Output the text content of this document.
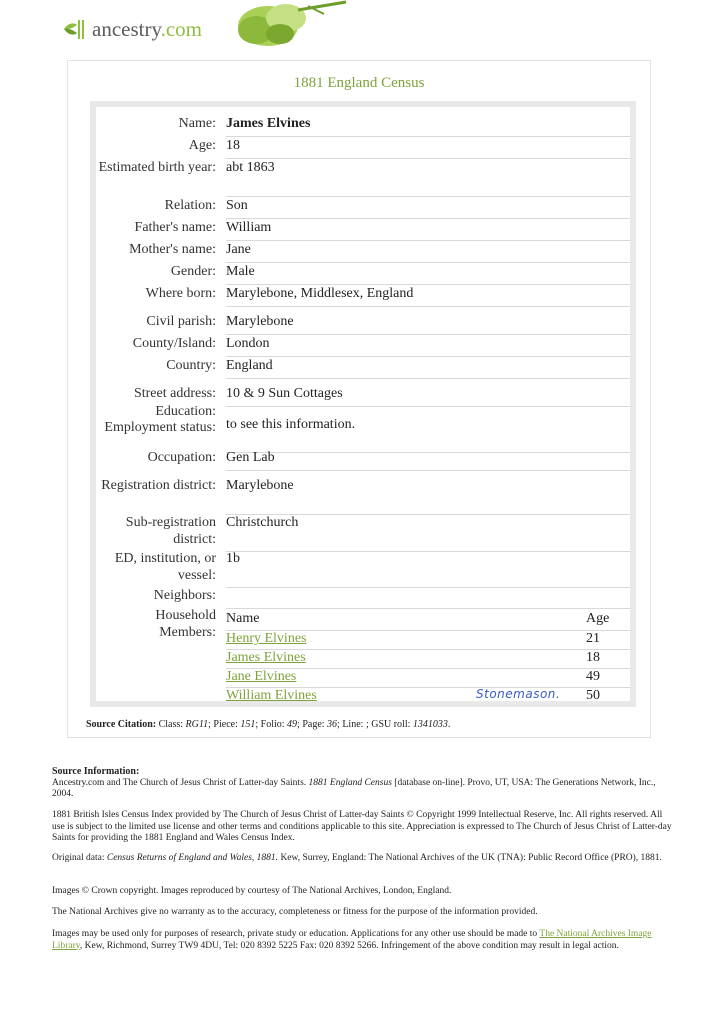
ancestry.com
1881 England Census
Name: James Elvines
Age: 18
Estimated birth year: abt 1863
Relation: Son
Father's name: William
Mother's name: Jane
Gender: Male
Where born: Marylebone, Middlesex, England
Civil parish: Marylebone
County/Island: London
Country: England
Street address: 10 & 9 Sun Cottages
Education:
Employment status: to see this information.
Occupation: Gen Lab
Registration district: Marylebone
Sub-registration district:
Christchurch
ED, institution, or vessel:
1b
Neighbors:
Household Members:
Name	Age
Henry Elvines	21
James Elvines	18
Jane Elvines	49
William Elvines	Stonemason. 50
Source Citation: Class: RG11; Piece: 151; Folio: 49; Page: 36; Line: ; GSU roll: 1341033.
Source Information:
Ancestry.com and The Church of Jesus Christ of Latter-day Saints. 1881 England Census [database on-line]. Provo, UT, USA: The Generations Network, Inc., 2004.
1881 British Isles Census Index provided by The Church of Jesus Christ of Latter-day Saints © Copyright 1999 Intellectual Reserve, Inc. All rights reserved. All use is subject to the limited use license and other terms and conditions applicable to this site. Appreciation is expressed to The Church of Jesus Christ of Latter-day Saints for providing the 1881 England and Wales Census Index.
Original data: Census Returns of England and Wales, 1881. Kew, Surrey, England: The National Archives of the UK (TNA): Public Record Office (PRO), 1881.
Images © Crown copyright. Images reproduced by courtesy of The National Archives, London, England.
The National Archives give no warranty as to the accuracy, completeness or fitness for the purpose of the information provided.
Images may be used only for purposes of research, private study or education. Applications for any other use should be made to The National Archives Image Library, Kew, Richmond, Surrey TW9 4DU, Tel: 020 8392 5225 Fax: 020 8392 5266. Infringement of the above condition may result in legal action.
